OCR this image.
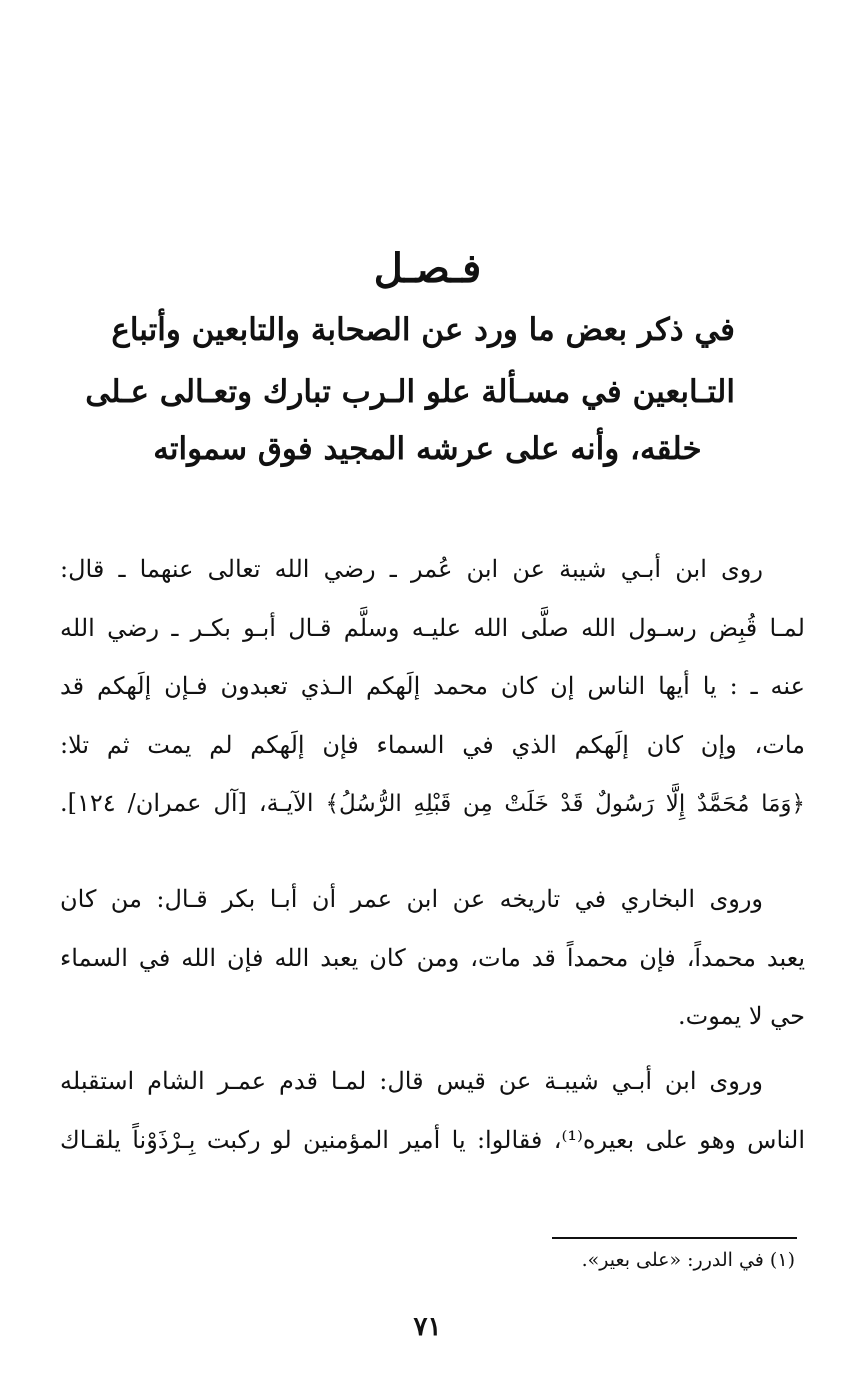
فـصـل
في ذكر بعض ما ورد عن الصحابة والتابعين وأتباع
التـابعين في مسـألة علو الـرب تبارك وتعـالى عـلى
خلقه، وأنه على عرشه المجيد فوق سمواته
روى ابن أبـي شيبة عن ابن عُمر ـ رضي الله تعالى عنهما ـ قال:
لمـا قُبِض رسـول الله صلَّى الله عليـه وسلَّم قـال أبـو بكـر ـ رضي الله
عنه ـ : يا أيها الناس إن كان محمد إلَهكم الـذي تعبدون فـإن إلَهكم قد
مات، وإن كان إلَهكم الذي في السماء فإن إلَهكم لم يمت ثم تلا:
﴿وَمَا مُحَمَّدٌ إِلَّا رَسُولٌ قَدْ خَلَتْ مِن قَبْلِهِ الرُّسُلُ﴾ الآيـة، [آل عمران/ ١٢٤].
وروى البخاري في تاريخه عن ابن عمر أن أبـا بكر قـال: من كان
يعبد محمداً، فإن محمداً قد مات، ومن كان يعبد الله فإن الله في السماء
حي لا يموت.
وروى ابن أبـي شيبـة عن قيس قال: لمـا قدم عمـر الشام استقبله
الناس وهو على بعيره⁽¹⁾، فقالوا: يا أمير المؤمنين لو ركبت بِـرْذَوْناً يلقـاك
(١) في الدرر: «على بعير».
٧١
